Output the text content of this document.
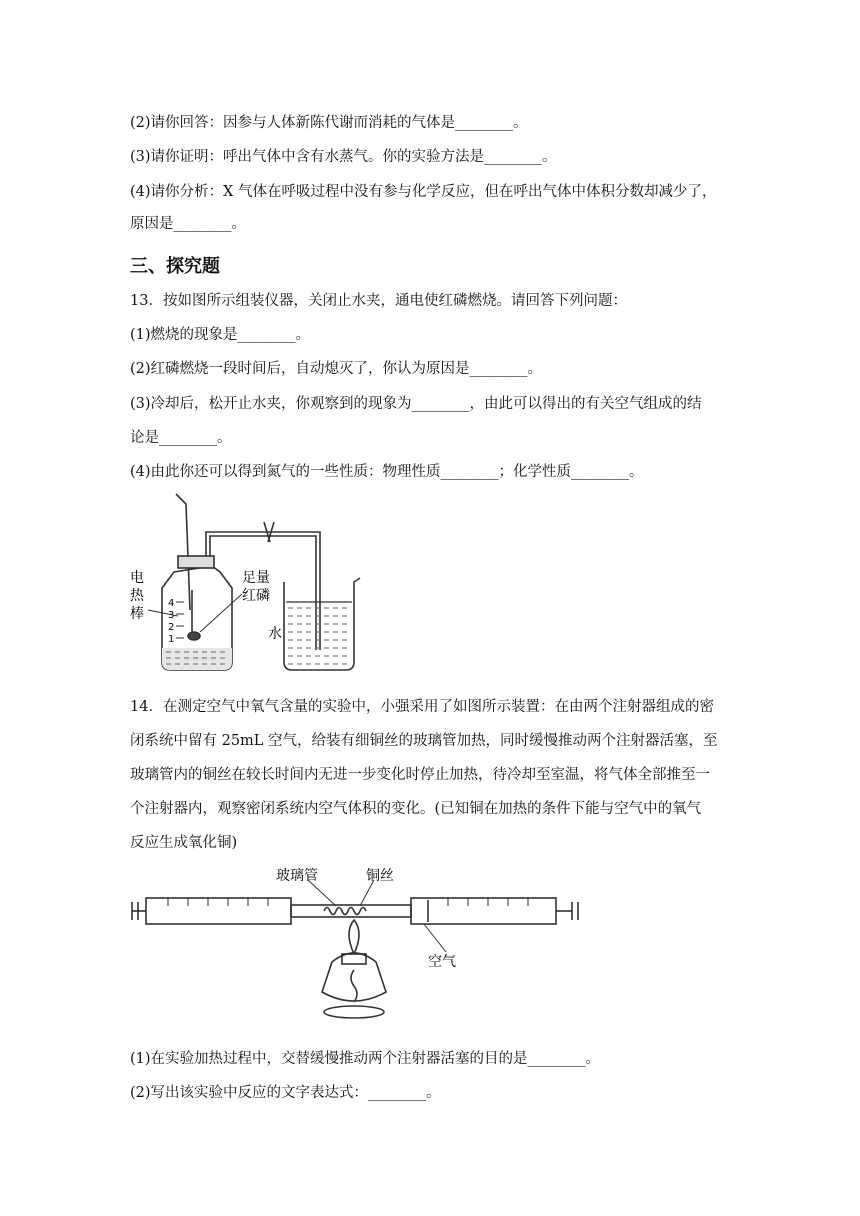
(2)请你回答：因参与人体新陈代谢而消耗的气体是________。
(3)请你证明：呼出气体中含有水蒸气。你的实验方法是________。
(4)请你分析：X 气体在呼吸过程中没有参与化学反应，但在呼出气体中体积分数却减少了，
原因是________。
三、探究题
13．按如图所示组装仪器，关闭止水夹，通电使红磷燃烧。请回答下列问题：
(1)燃烧的现象是________。
(2)红磷燃烧一段时间后，自动熄灭了，你认为原因是________。
(3)冷却后，松开止水夹，你观察到的现象为________，由此可以得出的有关空气组成的结
论是________。
(4)由此你还可以得到氮气的一些性质：物理性质________；化学性质________。
4
3
2
1
电
热
棒
足量
红磷
水
14．在测定空气中氧气含量的实验中，小强采用了如图所示装置：在由两个注射器组成的密
闭系统中留有 25mL 空气，给装有细铜丝的玻璃管加热，同时缓慢推动两个注射器活塞，至
玻璃管内的铜丝在较长时间内无进一步变化时停止加热，待冷却至室温，将气体全部推至一
个注射器内，观察密闭系统内空气体积的变化。(已知铜在加热的条件下能与空气中的氧气
反应生成氧化铜)
玻璃管	铜丝
空气
(1)在实验加热过程中，交替缓慢推动两个注射器活塞的目的是________。
(2)写出该实验中反应的文字表达式：________。
